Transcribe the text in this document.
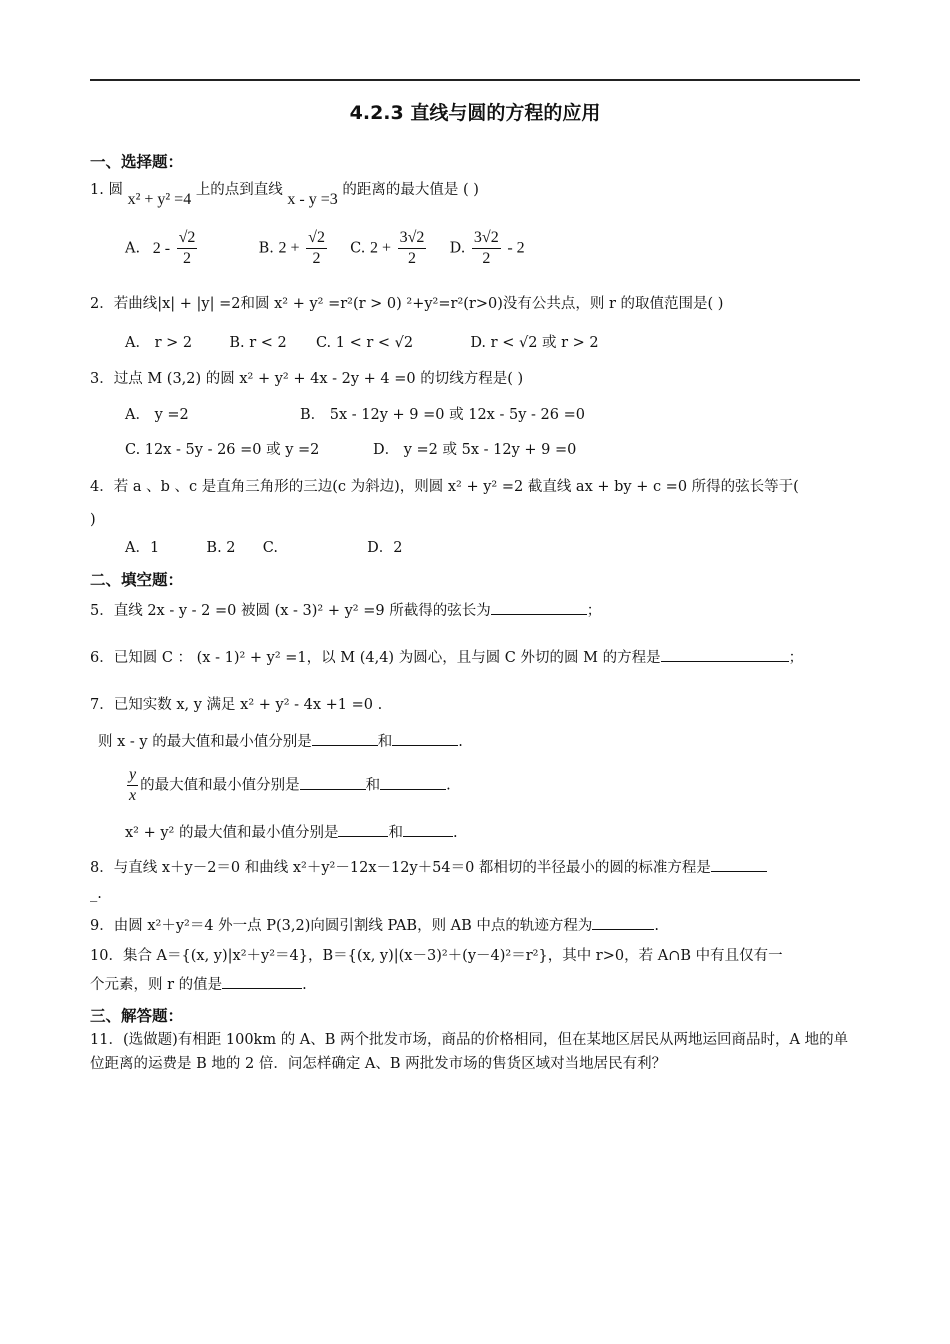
4.2.3 直线与圆的方程的应用
一、选择题：
1. 圆 x² + y² =4 上的点到直线 x - y =3 的距离的最大值是 ( )
A. $2 - \frac{√2}{2}$	B. $2 + \frac{√2}{2} C$. $2 + \frac{3√2}{2} D$. $\frac{3√2}{2} - 2$
2．若曲线|x| + |y| =2和圆 x² + y² =r²(r > 0) ²+y²=r²(r>0)没有公共点，则 r 的取值范围是( )
A． r > 2	B. r < 2 C. 1 < r < √2	D. r < √2 或 r > 2
3．过点 M (3,2) 的圆 x² + y² + 4x - 2y + 4 =0 的切线方程是( )
A． y =2	B． 5x - 12y + 9 =0 或 12x - 5y - 26 =0
C. 12x - 5y - 26 =0 或 y =2	D． y =2 或 5x - 12y + 9 =0
4．若 a 、b 、c 是直角三角形的三边(c 为斜边)，则圆 x² + y² =2 截直线 ax + by + c =0 所得的弦长等于(
)
A．1	B. 2 C.	D．2
二、填空题：
5．直线 2x - y - 2 =0 被圆 (x - 3)² + y² =9 所截得的弦长为	；
6．已知圆 C ： (x - 1)² + y² =1，以 M (4,4) 为圆心，且与圆 C 外切的圆 M 的方程是	；
7．已知实数 x, y 满足 x² + y² - 4x +1 =0 .
则 x - y 的最大值和最小值分别是	和	.
$\frac{y}{x}$ 的最大值和最小值分别是	和	.
x² + y² 的最大值和最小值分别是	和	.
8．与直线 x＋y－2＝0 和曲线 x²＋y²－12x－12y＋54＝0 都相切的半径最小的圆的标准方程是
_.
9．由圆 x²＋y²＝4 外一点 P(3,2)向圆引割线 PAB，则 AB 中点的轨迹方程为	.
10．集合 A＝{(x, y)|x²＋y²＝4}，B＝{(x, y)|(x－3)²＋(y－4)²＝r²}，其中 r>0，若 A∩B 中有且仅有一
个元素，则 r 的值是	.
三、解答题：
11．(选做题)有相距 100km 的 A、B 两个批发市场，商品的价格相同，但在某地区居民从两地运回商品时，A 地的单位距离的运费是 B 地的 2 倍．问怎样确定 A、B 两批发市场的售货区域对当地居民有利？
